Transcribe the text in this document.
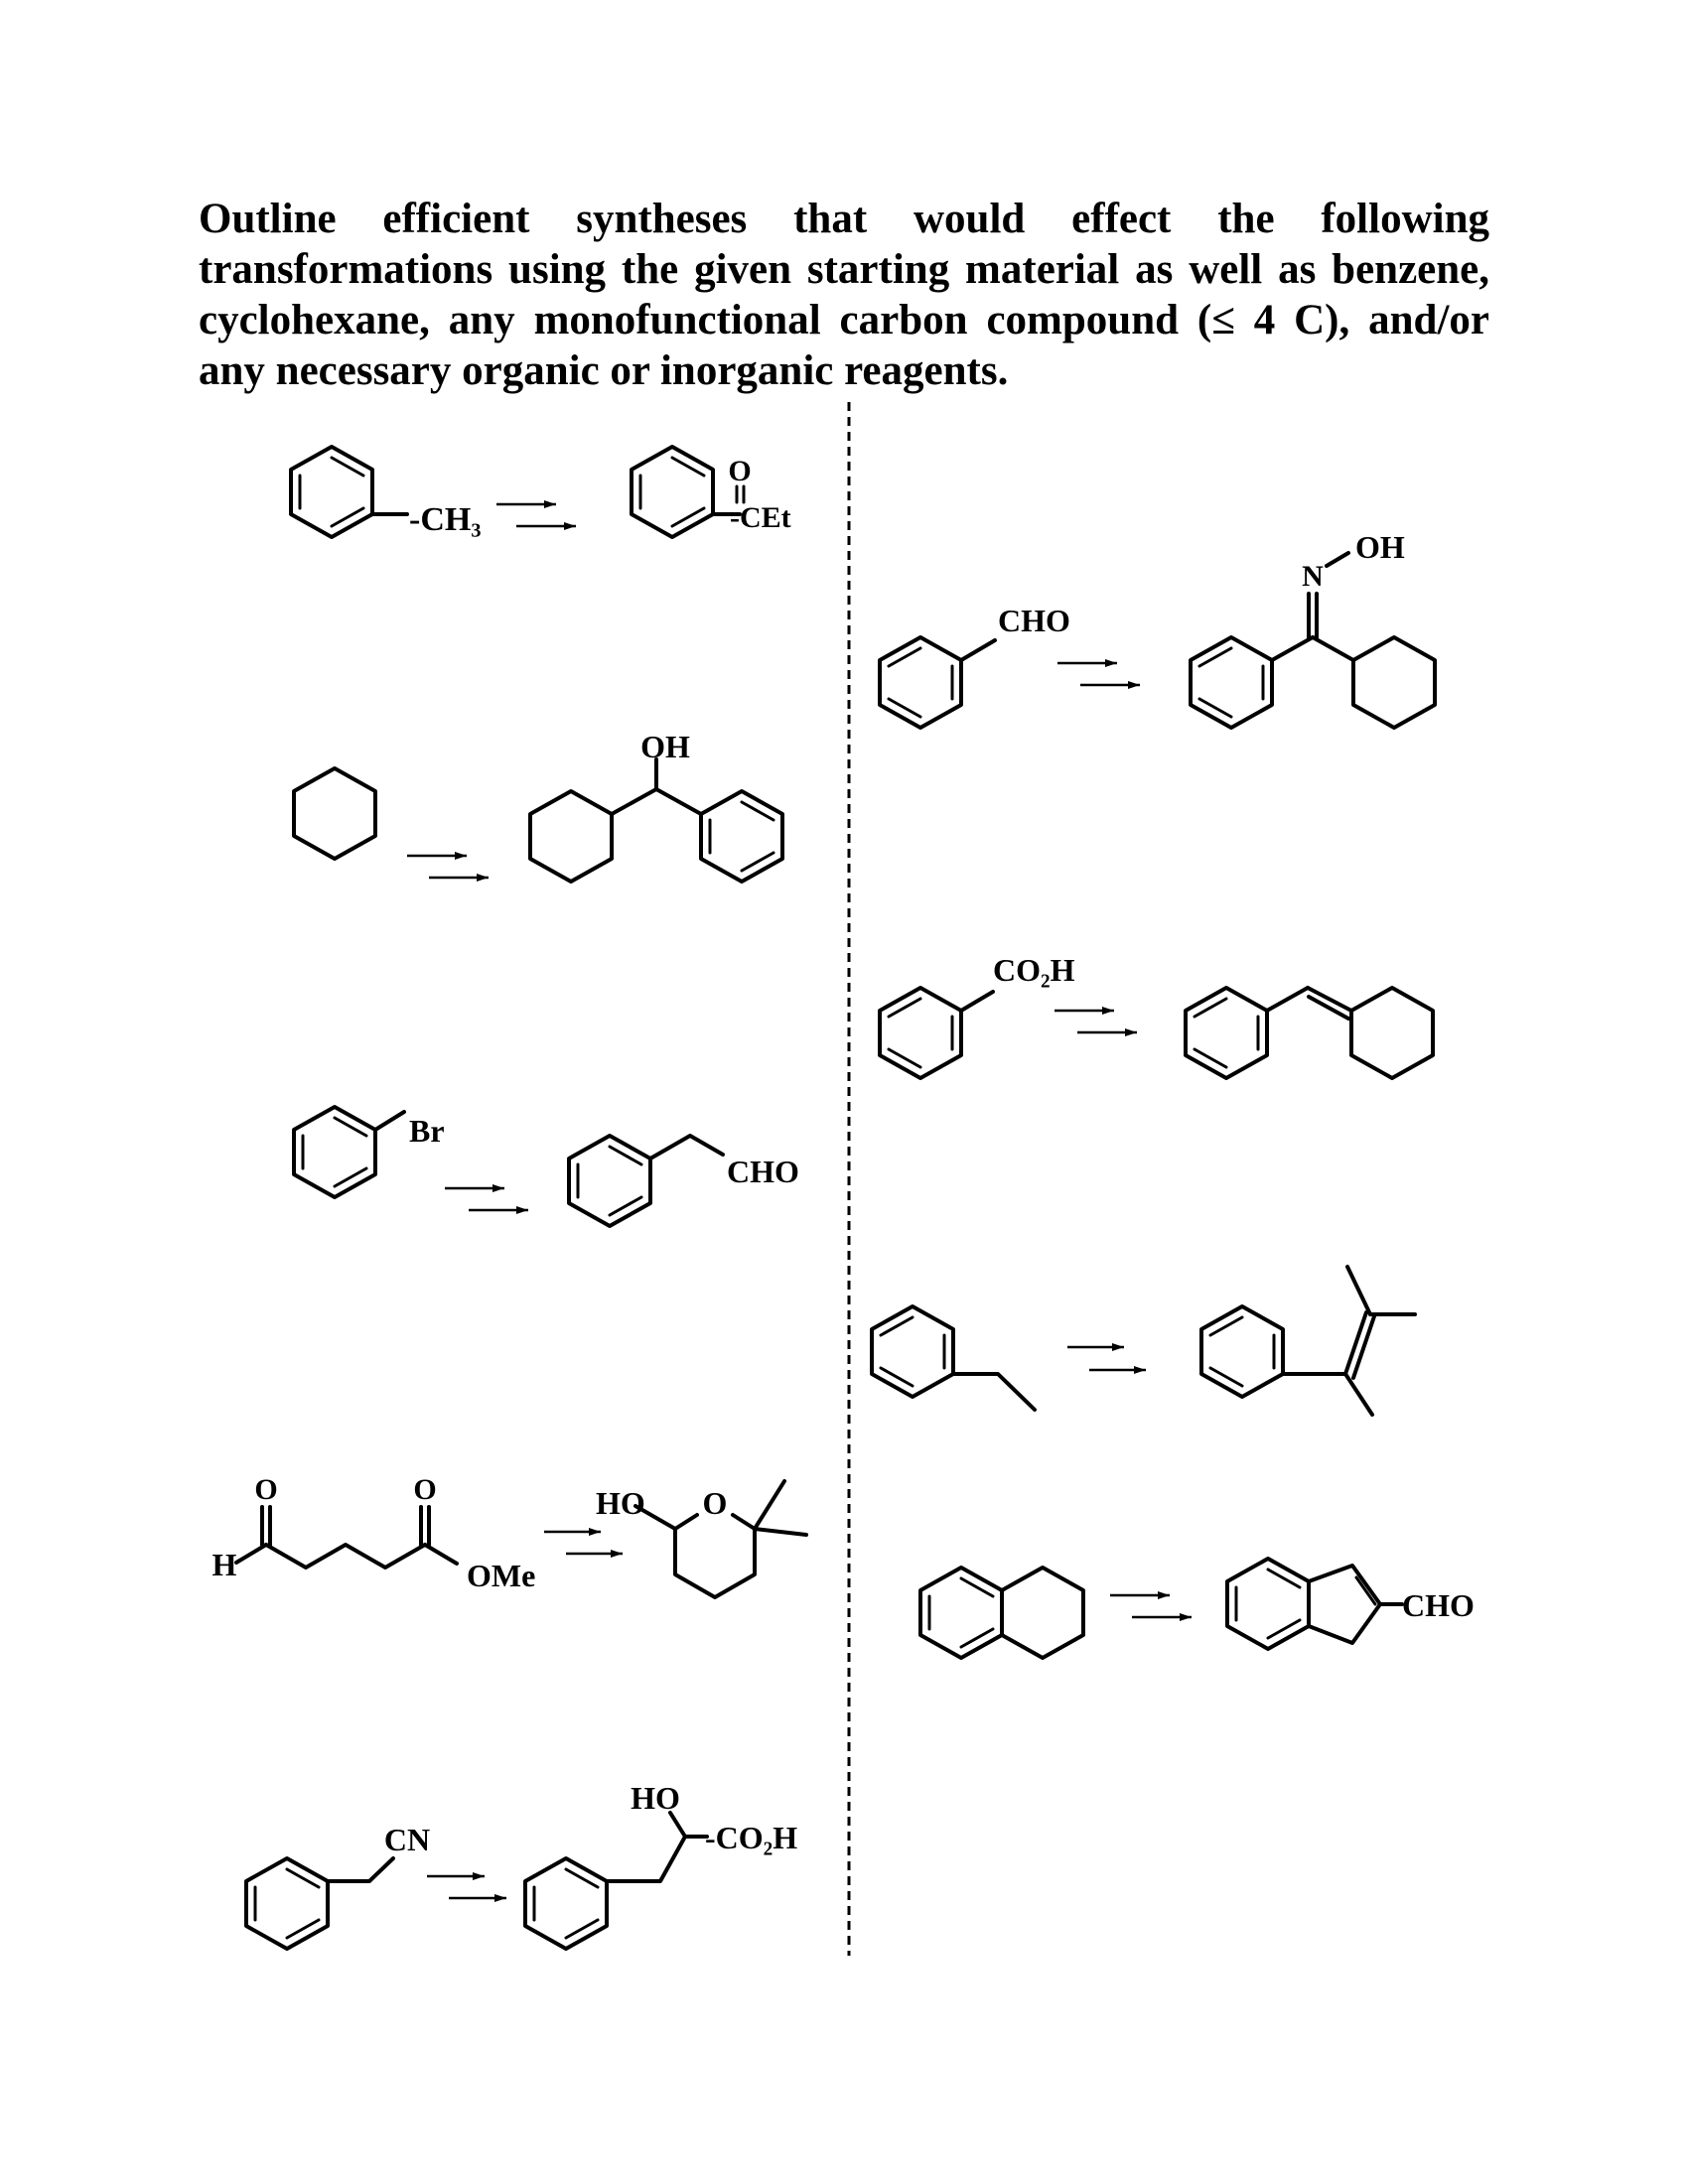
Outline efficient syntheses that would effect the following transformations using the given starting material as well as benzene, cyclohexane, any monofunctional carbon compound (≤ 4 C), and/or any necessary organic or inorganic reagents.

-CH₃
O
-CEt
OH
Br
CHO
H
O	O
OMe
HO O
CN
HO
-CO₂H
CHO
N
OH
CO₂H
CHO
